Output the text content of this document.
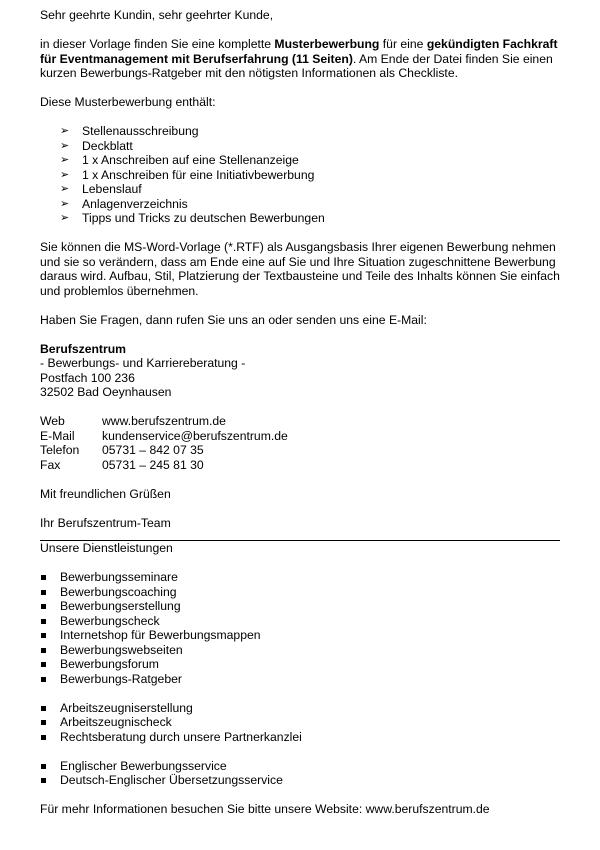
Sehr geehrte Kundin, sehr geehrter Kunde,

in dieser Vorlage finden Sie eine komplette Musterbewerbung für eine gekündigten Fachkraft für Eventmanagement mit Berufserfahrung (11 Seiten). Am Ende der Datei finden Sie einen kurzen Bewerbungs-Ratgeber mit den nötigsten Informationen als Checkliste.

Diese Musterbewerbung enthält:

➢ Stellenausschreibung
➢ Deckblatt
➢ 1 x Anschreiben auf eine Stellenanzeige
➢ 1 x Anschreiben für eine Initiativbewerbung
➢ Lebenslauf
➢ Anlagenverzeichnis
➢ Tipps und Tricks zu deutschen Bewerbungen

Sie können die MS-Word-Vorlage (*.RTF) als Ausgangsbasis Ihrer eigenen Bewerbung nehmen und sie so verändern, dass am Ende eine auf Sie und Ihre Situation zugeschnittene Bewerbung daraus wird. Aufbau, Stil, Platzierung der Textbausteine und Teile des Inhalts können Sie einfach und problemlos übernehmen.

Haben Sie Fragen, dann rufen Sie uns an oder senden uns eine E-Mail:

Berufszentrum
- Bewerbungs- und Karriereberatung -
Postfach 100 236
32502 Bad Oeynhausen
Web	www.berufszentrum.de
E-Mail	kundenservice@berufszentrum.de
Telefon	05731 – 842 07 35
Fax	05731 – 245 81 30

Mit freundlichen Grüßen

Ihr Berufszentrum-Team

Unsere Dienstleistungen

Bewerbungsseminare
Bewerbungscoaching
Bewerbungserstellung
Bewerbungscheck
Internetshop für Bewerbungsmappen
Bewerbungswebseiten
Bewerbungsforum
Bewerbungs-Ratgeber
Arbeitszeugniserstellung
Arbeitszeugnischeck
Rechtsberatung durch unsere Partnerkanzlei
Englischer Bewerbungsservice
Deutsch-Englischer Übersetzungsservice

Für mehr Informationen besuchen Sie bitte unsere Website: www.berufszentrum.de
